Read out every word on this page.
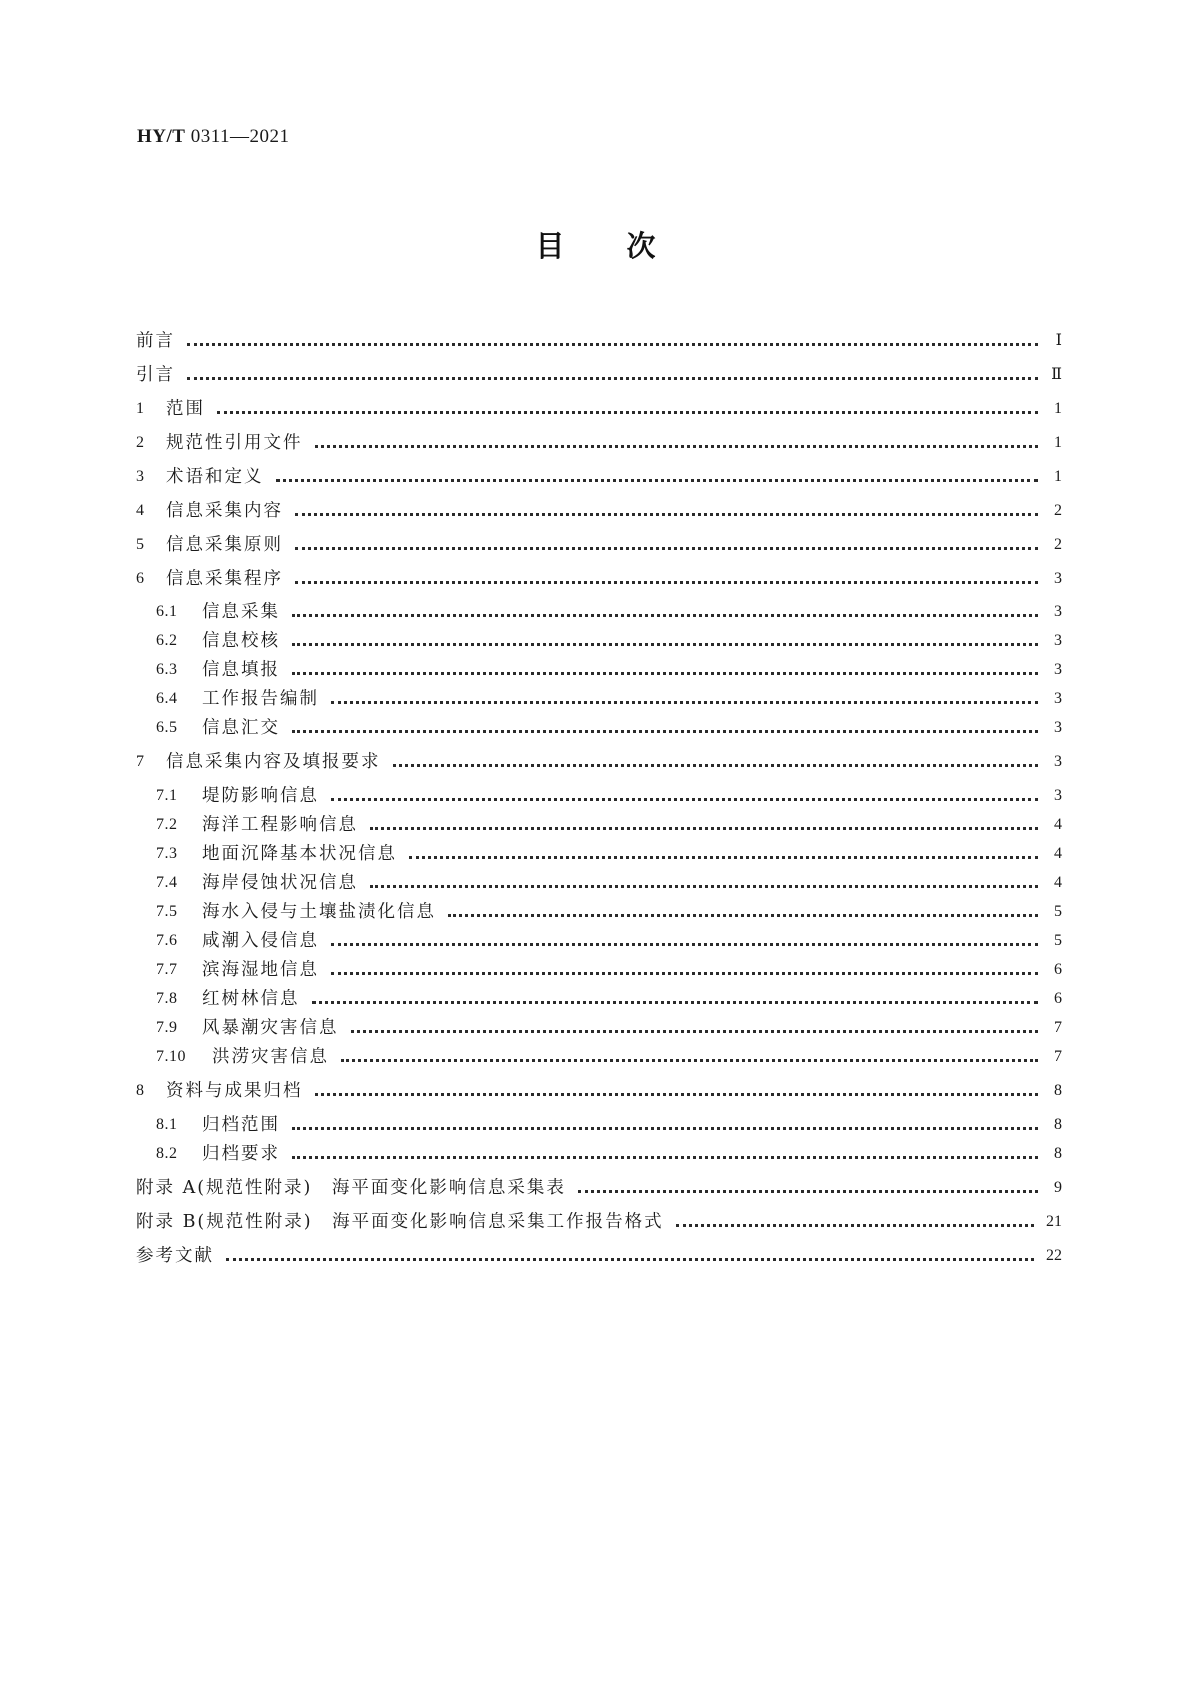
HY/T 0311—2021
目次
前言	Ⅰ
引言	Ⅱ
1	范围	1
2	规范性引用文件	1
3	术语和定义	1
4	信息采集内容	2
5	信息采集原则	2
6	信息采集程序	3
6.1	信息采集	3
6.2	信息校核	3
6.3	信息填报	3
6.4	工作报告编制	3
6.5	信息汇交	3
7	信息采集内容及填报要求	3
7.1	堤防影响信息	3
7.2	海洋工程影响信息	4
7.3	地面沉降基本状况信息	4
7.4	海岸侵蚀状况信息	4
7.5	海水入侵与土壤盐渍化信息	5
7.6	咸潮入侵信息	5
7.7	滨海湿地信息	6
7.8	红树林信息	6
7.9	风暴潮灾害信息	7
7.10	洪涝灾害信息	7
8	资料与成果归档	8
8.1	归档范围	8
8.2	归档要求	8
附录 A(规范性附录)　海平面变化影响信息采集表	9
附录 B(规范性附录)　海平面变化影响信息采集工作报告格式	21
参考文献	22
